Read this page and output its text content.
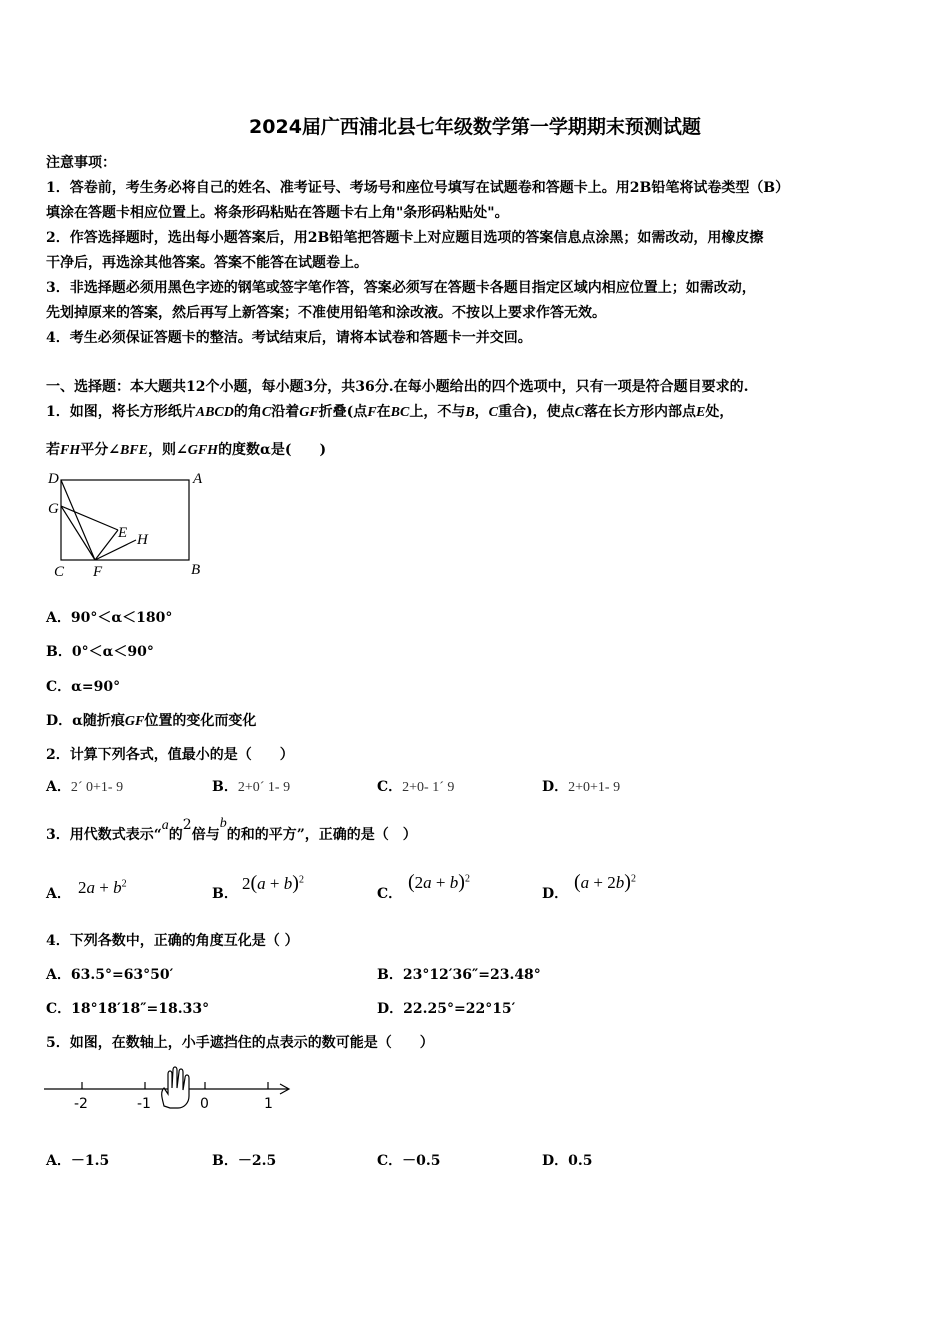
2024届广西浦北县七年级数学第一学期期末预测试题
注意事项：
1．答卷前，考生务必将自己的姓名、准考证号、考场号和座位号填写在试题卷和答题卡上。用2B铅笔将试卷类型（B）
填涂在答题卡相应位置上。将条形码粘贴在答题卡右上角"条形码粘贴处"。
2．作答选择题时，选出每小题答案后，用2B铅笔把答题卡上对应题目选项的答案信息点涂黑；如需改动，用橡皮擦
干净后，再选涂其他答案。答案不能答在试题卷上。
3．非选择题必须用黑色字迹的钢笔或签字笔作答，答案必须写在答题卡各题目指定区域内相应位置上；如需改动，
先划掉原来的答案，然后再写上新答案；不准使用铅笔和涂改液。不按以上要求作答无效。
4．考生必须保证答题卡的整洁。考试结束后，请将本试卷和答题卡一并交回。
一、选择题：本大题共12个小题，每小题3分，共36分.在每小题给出的四个选项中，只有一项是符合题目要求的.
1．如图，将长方形纸片ABCD的角C沿着GF折叠(点F在BC上，不与B，C重合)，使点C落在长方形内部点E处，
若FH平分∠BFE，则∠GFH的度数α是(　　)
D	A
G
E H
C F	B
A．90°＜α＜180°
B．0°＜α＜90°
C．α=90°
D．α随折痕GF位置的变化而变化
2．计算下列各式，值最小的是（　　）
A．2´ 0+1- 9	B．2+0´ 1- 9	C．2+0- 1´ 9	D．2+0+1- 9
3．用代数式表示“a的2倍与b的和的平方”，正确的是（　）
A． $2a + b^2$
B．
$2(a + b)^2$
C．
$(2a + b)^2$
D．
$(a + 2b)^2$
4．下列各数中，正确的角度互化是（ ）
A．63.5°=63°50′	B．23°12′36″=23.48°
C．18°18′18″=18.33°	D．22.25°=22°15′
5．如图，在数轴上，小手遮挡住的点表示的数可能是（　　）
-2	-1	0	1
A．－1.5	B．－2.5	C．－0.5	D．0.5
